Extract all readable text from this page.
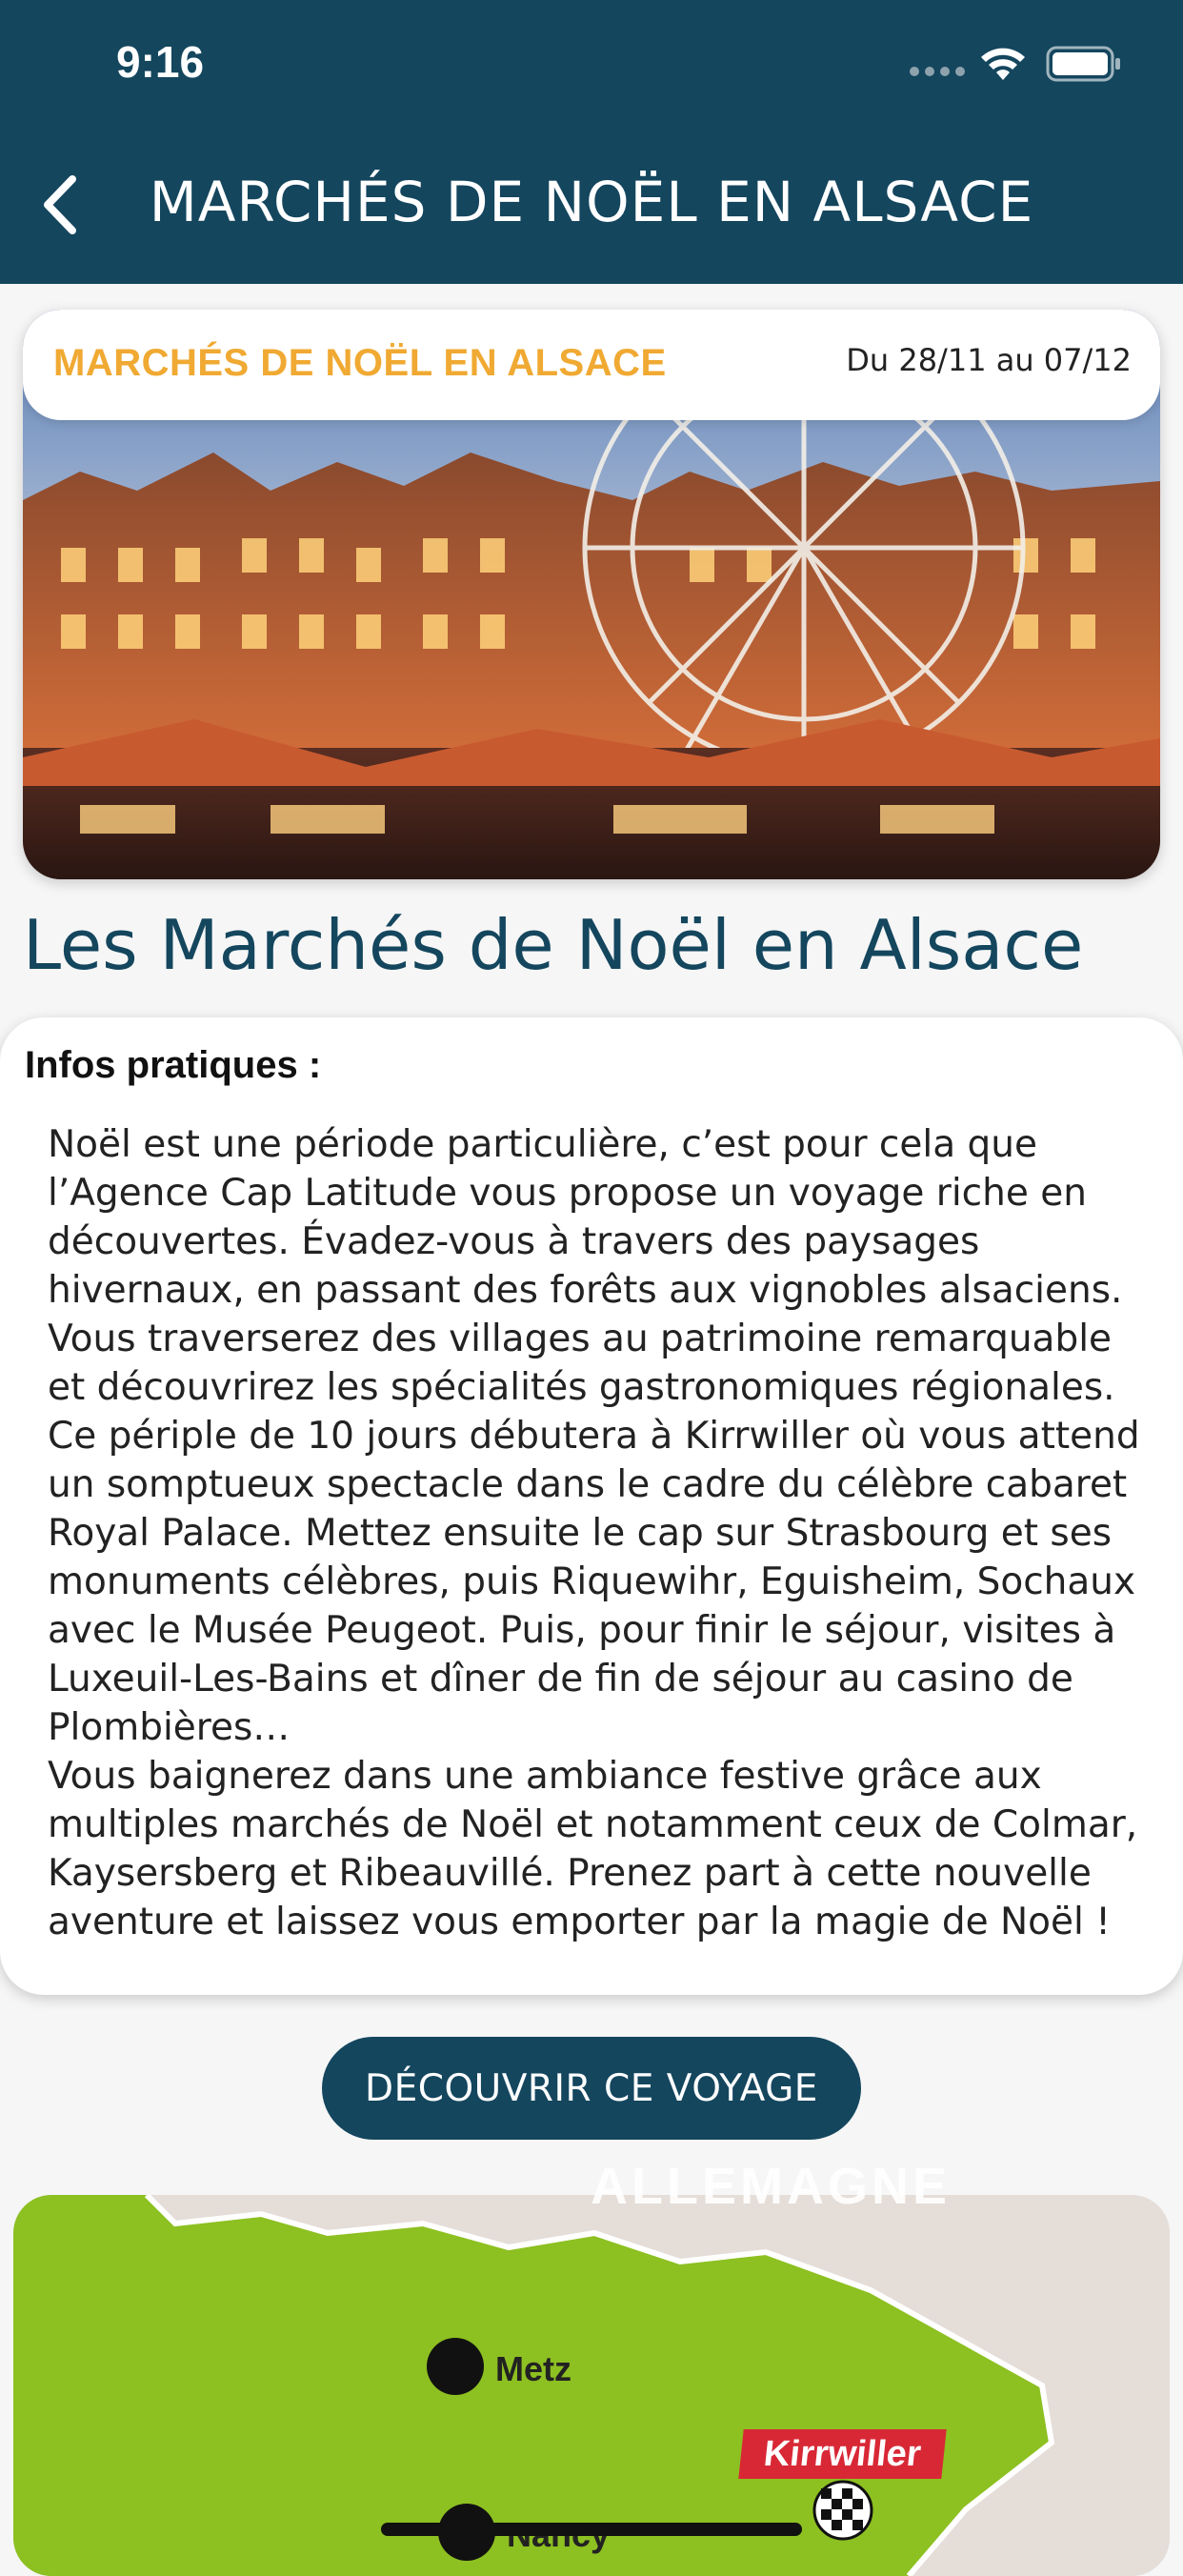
9:16
MARCHÉS DE NOËL EN ALSACE
MARCHÉS DE NOËL EN ALSACE	Du 28/11 au 07/12
Les Marchés de Noël en Alsace
Infos pratiques :

Noël est une période particulière, c’est pour cela que l’Agence Cap Latitude vous propose un voyage riche en découvertes. Évadez-vous à travers des paysages hivernaux, en passant des forêts aux vignobles alsaciens. Vous traverserez des villages au patrimoine remarquable et découvrirez les spécialités gastronomiques régionales. Ce périple de 10 jours débutera à Kirrwiller où vous attend un somptueux spectacle dans le cadre du célèbre cabaret Royal Palace. Mettez ensuite le cap sur Strasbourg et ses monuments célèbres, puis Riquewihr, Eguisheim, Sochaux avec le Musée Peugeot. Puis, pour finir le séjour, visites à Luxeuil-Les-Bains et dîner de fin de séjour au casino de Plombières…

Vous baignerez dans une ambiance festive grâce aux multiples marchés de Noël et notamment ceux de Colmar, Kaysersberg et Ribeauvillé. Prenez part à cette nouvelle aventure et laissez vous emporter par la magie de Noël !

DÉCOUVRIR CE VOYAGE
ALLEMAGNE
Metz
Kirrwiller
